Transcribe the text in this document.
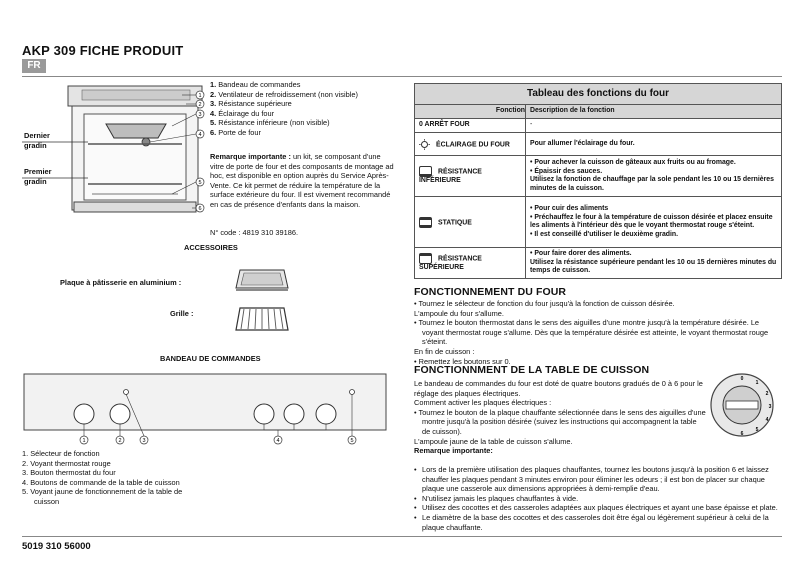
AKP 309 FICHE PRODUIT
FR
1
2
3
4
5
6
Dernier gradin
Premier gradin
1. Bandeau de commandes
2. Ventilateur de refroidissement (non visible)
3. Résistance supérieure
4. Éclairage du four
5. Résistance inférieure (non visible)
6. Porte de four
Remarque importante : un kit, se composant d'une vitre de porte de four et des composants de montage ad hoc, est disponible en option auprès du Service Après-Vente. Ce kit permet de réduire la température de la surface extérieure du four. Il est vivement recommandé en cas de présence d'enfants dans la maison.
N° code : 4819 310 39186.
ACCESSOIRES
Plaque à pâtisserie en aluminium :
Grille :
BANDEAU DE COMMANDES
1	2	3	4	5
1. Sélecteur de fonction
2. Voyant thermostat rouge
3. Bouton thermostat du four
4. Boutons de commande de la table de cuisson
5. Voyant jaune de fonctionnement de la table de
cuisson
5019 310 56000
Tableau des fonctions du four	
Fonction	Description de la fonction
0 ARRÊT FOUR	-
ÉCLAIRAGE DU FOUR	Pour allumer l'éclairage du four.
RÉSISTANCE INFÉRIEURE	• Pour achever la cuisson de gâteaux aux fruits ou au fromage.
• Épaissir des sauces.
Utilisez la fonction de chauffage par la sole pendant les 10 ou 15 dernières minutes de la cuisson.

STATIQUE	• Pour cuir des aliments
• Préchauffez le four à la température de cuisson désirée et placez ensuite les aliments à l'intérieur dès que le voyant thermostat rouge s'éteint.
• Il est conseillé d'utiliser le deuxième gradin.

RÉSISTANCE SUPÉRIEURE	• Pour faire dorer des aliments.
Utilisez la résistance supérieure pendant les 10 ou 15 dernières minutes du temps de cuisson.
FONCTIONNEMENT DU FOUR
• Tournez le sélecteur de fonction du four jusqu'à la fonction de cuisson désirée.
L'ampoule du four s'allume.
• Tournez le bouton thermostat dans le sens des aiguilles d'une montre jusqu'à la température désirée. Le voyant thermostat rouge s'allume. Dès que la température désirée est atteinte, le voyant thermostat rouge s'éteint.
En fin de cuisson :
• Remettez les boutons sur 0.
FONCTIONNMENT DE LA TABLE DE CUISSON
Le bandeau de commandes du four est doté de quatre boutons gradués de 0 à 6 pour le réglage des plaques électriques.
Comment activer les plaques électriques :
• Tournez le bouton de la plaque chauffante sélectionnée dans le sens des aiguilles d'une montre jusqu'à la position désirée (suivez les instructions qui accompagnent la table de cuisson).
L'ampoule jaune de la table de cuisson s'allume.
Remarque importante:
• Lors de la première utilisation des plaques chauffantes, tournez les boutons jusqu'à la position 6 et laissez chauffer les plaques pendant 3 minutes environ pour éliminer les odeurs ; il est bon de placer sur chaque plaque une casserole aux dimensions appropriées à demi-remplie d'eau.
• N'utilisez jamais les plaques chauffantes à vide.
• Utilisez des cocottes et des casseroles adaptées aux plaques électriques et ayant une base épaisse et plate.
• Le diamètre de la base des cocottes et des casseroles doit être égal ou légèrement supérieur à celui de la plaque chauffante.
0
1
2
3
4
5
6
